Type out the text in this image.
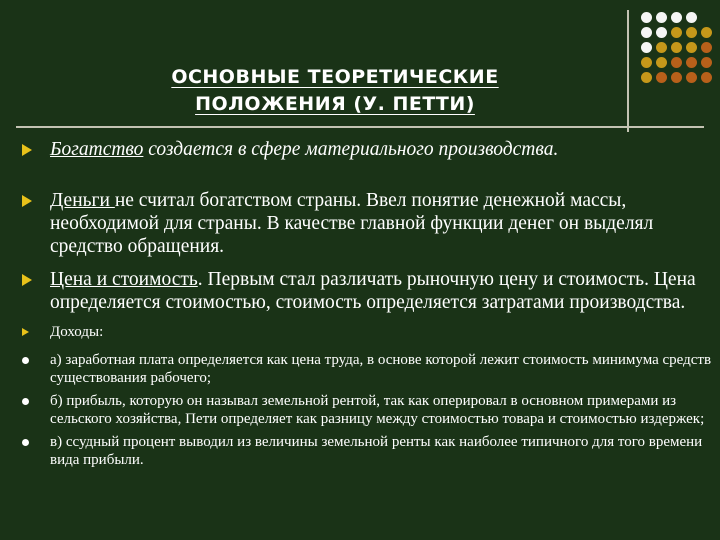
ОСНОВНЫЕ ТЕОРЕТИЧЕСКИЕ
ПОЛОЖЕНИЯ (У. ПЕТТИ)
Богатство создается в сфере материального производства.
Деньги не считал богатством страны. Ввел понятие денежной массы, необходимой для страны. В качестве главной функции денег он выделял средство обращения.
Цена и стоимость. Первым стал различать рыночную цену и стоимость. Цена определяется стоимостью, стоимость определяется затратами производства.
Доходы:
а) заработная плата определяется как цена труда, в основе которой лежит стоимость минимума средств существования рабочего;
б) прибыль, которую он называл земельной рентой, так как оперировал в основном примерами из сельского хозяйства, Пети определяет как разницу между стоимостью товара и стоимостью издержек;
в) ссудный процент выводил из величины земельной ренты как наиболее типичного для того времени вида прибыли.
